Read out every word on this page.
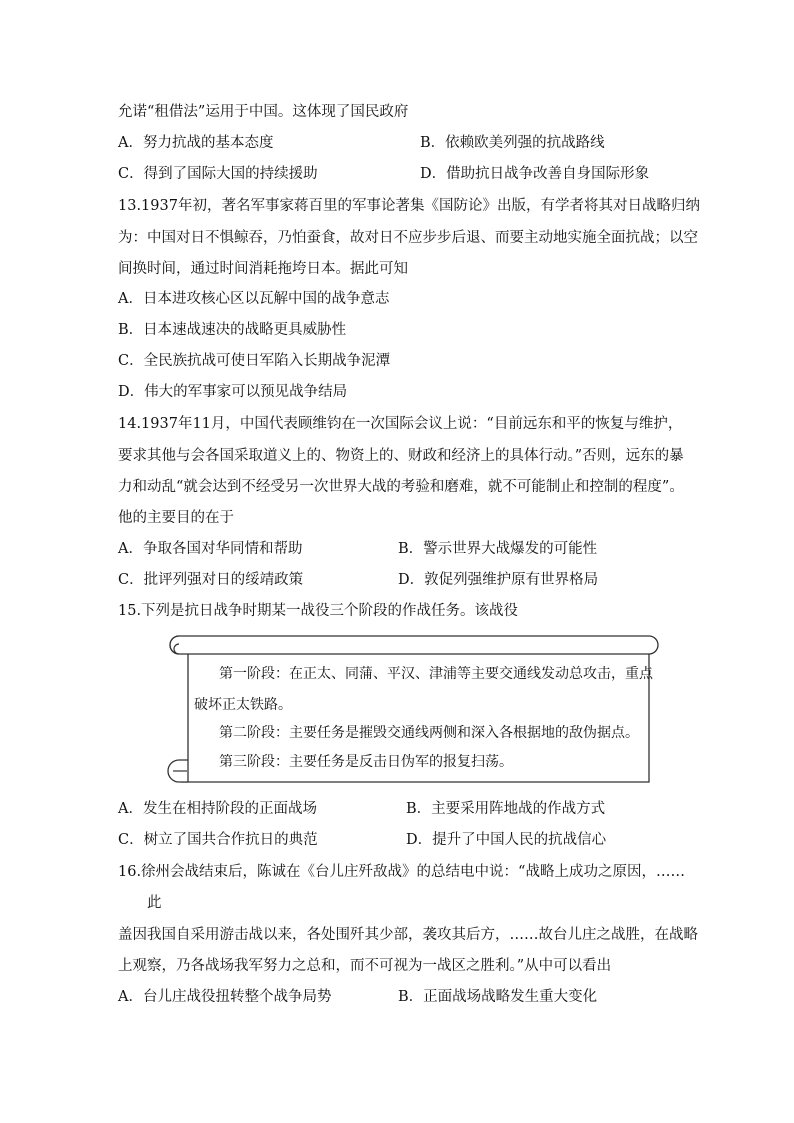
允诺“租借法”运用于中国。这体现了国民政府
A．努力抗战的基本态度	B．依赖欧美列强的抗战路线
C．得到了国际大国的持续援助	D．借助抗日战争改善自身国际形象
13.1937年初，著名军事家蒋百里的军事论著集《国防论》出版，有学者将其对日战略归纳
为：中国对日不惧鲸吞，乃怕蚕食，故对日不应步步后退、而要主动地实施全面抗战；以空
间换时间，通过时间消耗拖垮日本。据此可知
A．日本进攻核心区以瓦解中国的战争意志
B．日本速战速决的战略更具威胁性
C．全民族抗战可使日军陷入长期战争泥潭
D．伟大的军事家可以预见战争结局
14.1937年11月，中国代表顾维钧在一次国际会议上说：“目前远东和平的恢复与维护，
要求其他与会各国采取道义上的、物资上的、财政和经济上的具体行动。”否则，远东的暴
力和动乱“就会达到不经受另一次世界大战的考验和磨难，就不可能制止和控制的程度”。
他的主要目的在于
A．争取各国对华同情和帮助	B．警示世界大战爆发的可能性
C．批评列强对日的绥靖政策	D．敦促列强维护原有世界格局
15.下列是抗日战争时期某一战役三个阶段的作战任务。该战役
第一阶段：在正太、同蒲、平汉、津浦等主要交通线发动总攻击，重点
破坏正太铁路。
第二阶段：主要任务是摧毁交通线两侧和深入各根据地的敌伪据点。
第三阶段：主要任务是反击日伪军的报复扫荡。
A．发生在相持阶段的正面战场	B．主要采用阵地战的作战方式
C．树立了国共合作抗日的典范	D．提升了中国人民的抗战信心
16.徐州会战结束后，陈诚在《台儿庄歼敌战》的总结电中说：“战略上成功之原因，……
此
盖因我国自采用游击战以来，各处围歼其少部，袭攻其后方，……故台儿庄之战胜，在战略
上观察，乃各战场我军努力之总和，而不可视为一战区之胜利。”从中可以看出
A．台儿庄战役扭转整个战争局势	B．正面战场战略发生重大变化
